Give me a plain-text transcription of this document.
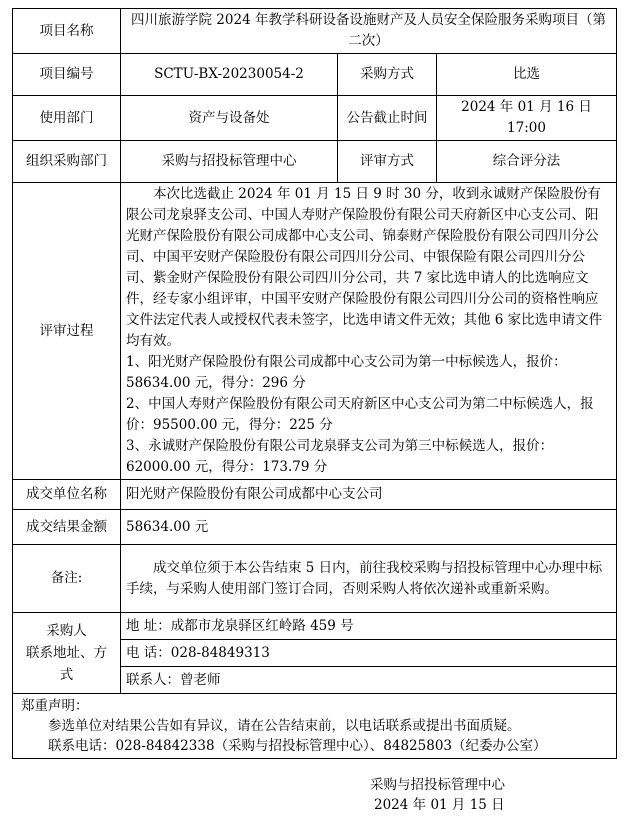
项目名称	四川旅游学院 2024 年教学科研设备设施财产及人员安全保险服务采购项目（第二次）		
项目编号	SCTU-BX-20230054-2	采购方式	比选
使用部门	资产与设备处	公告截止时间	2024 年 01 月 16 日
17:00

组织采购部门	采购与招投标管理中心	评审方式	综合评分法
评审过程	本次比选截止 2024 年 01 月 15 日 9 时 30 分，收到永诚财产保险股份有限公司龙泉驿支公司、中国人寿财产保险股份有限公司天府新区中心支公司、阳光财产保险股份有限公司成都中心支公司、锦泰财产保险股份有限公司四川分公司、中国平安财产保险股份有限公司四川分公司、中银保险有限公司四川分公司、紫金财产保险股份有限公司四川分公司，共 7 家比选申请人的比选响应文件，经专家小组评审，中国平安财产保险股份有限公司四川分公司的资格性响应文件法定代表人或授权代表未签字，比选申请文件无效；其他 6 家比选申请文件均有效。

1、阳光财产保险股份有限公司成都中心支公司为第一中标候选人，报价：58634.00 元，得分：296 分

2、中国人寿财产保险股份有限公司天府新区中心支公司为第二中标候选人，报价：95500.00 元，得分：225 分

3、永诚财产保险股份有限公司龙泉驿支公司为第三中标候选人，报价：62000.00 元，得分：173.79 分		

成交单位名称	阳光财产保险股份有限公司成都中心支公司		
成交结果金额	58634.00 元		
备注:	成交单位须于本公告结束 5 日内，前往我校采购与招投标管理中心办理中标手续，与采购人使用部门签订合同，否则采购人将依次递补或重新采购。		

采购人
联系地址、方
式	地 址：成都市龙泉驿区红岭路 459 号		
	电 话：028-84849313		
	联系人：曾老师		

郑重声明：

参选单位对结果公告如有异议，请在公告结束前，以电话联系或提出书面质疑。

联系电话：028-84842338（采购与招投标管理中心）、84825803（纪委办公室）			

采购与招投标管理中心
2024 年 01 月 15 日
